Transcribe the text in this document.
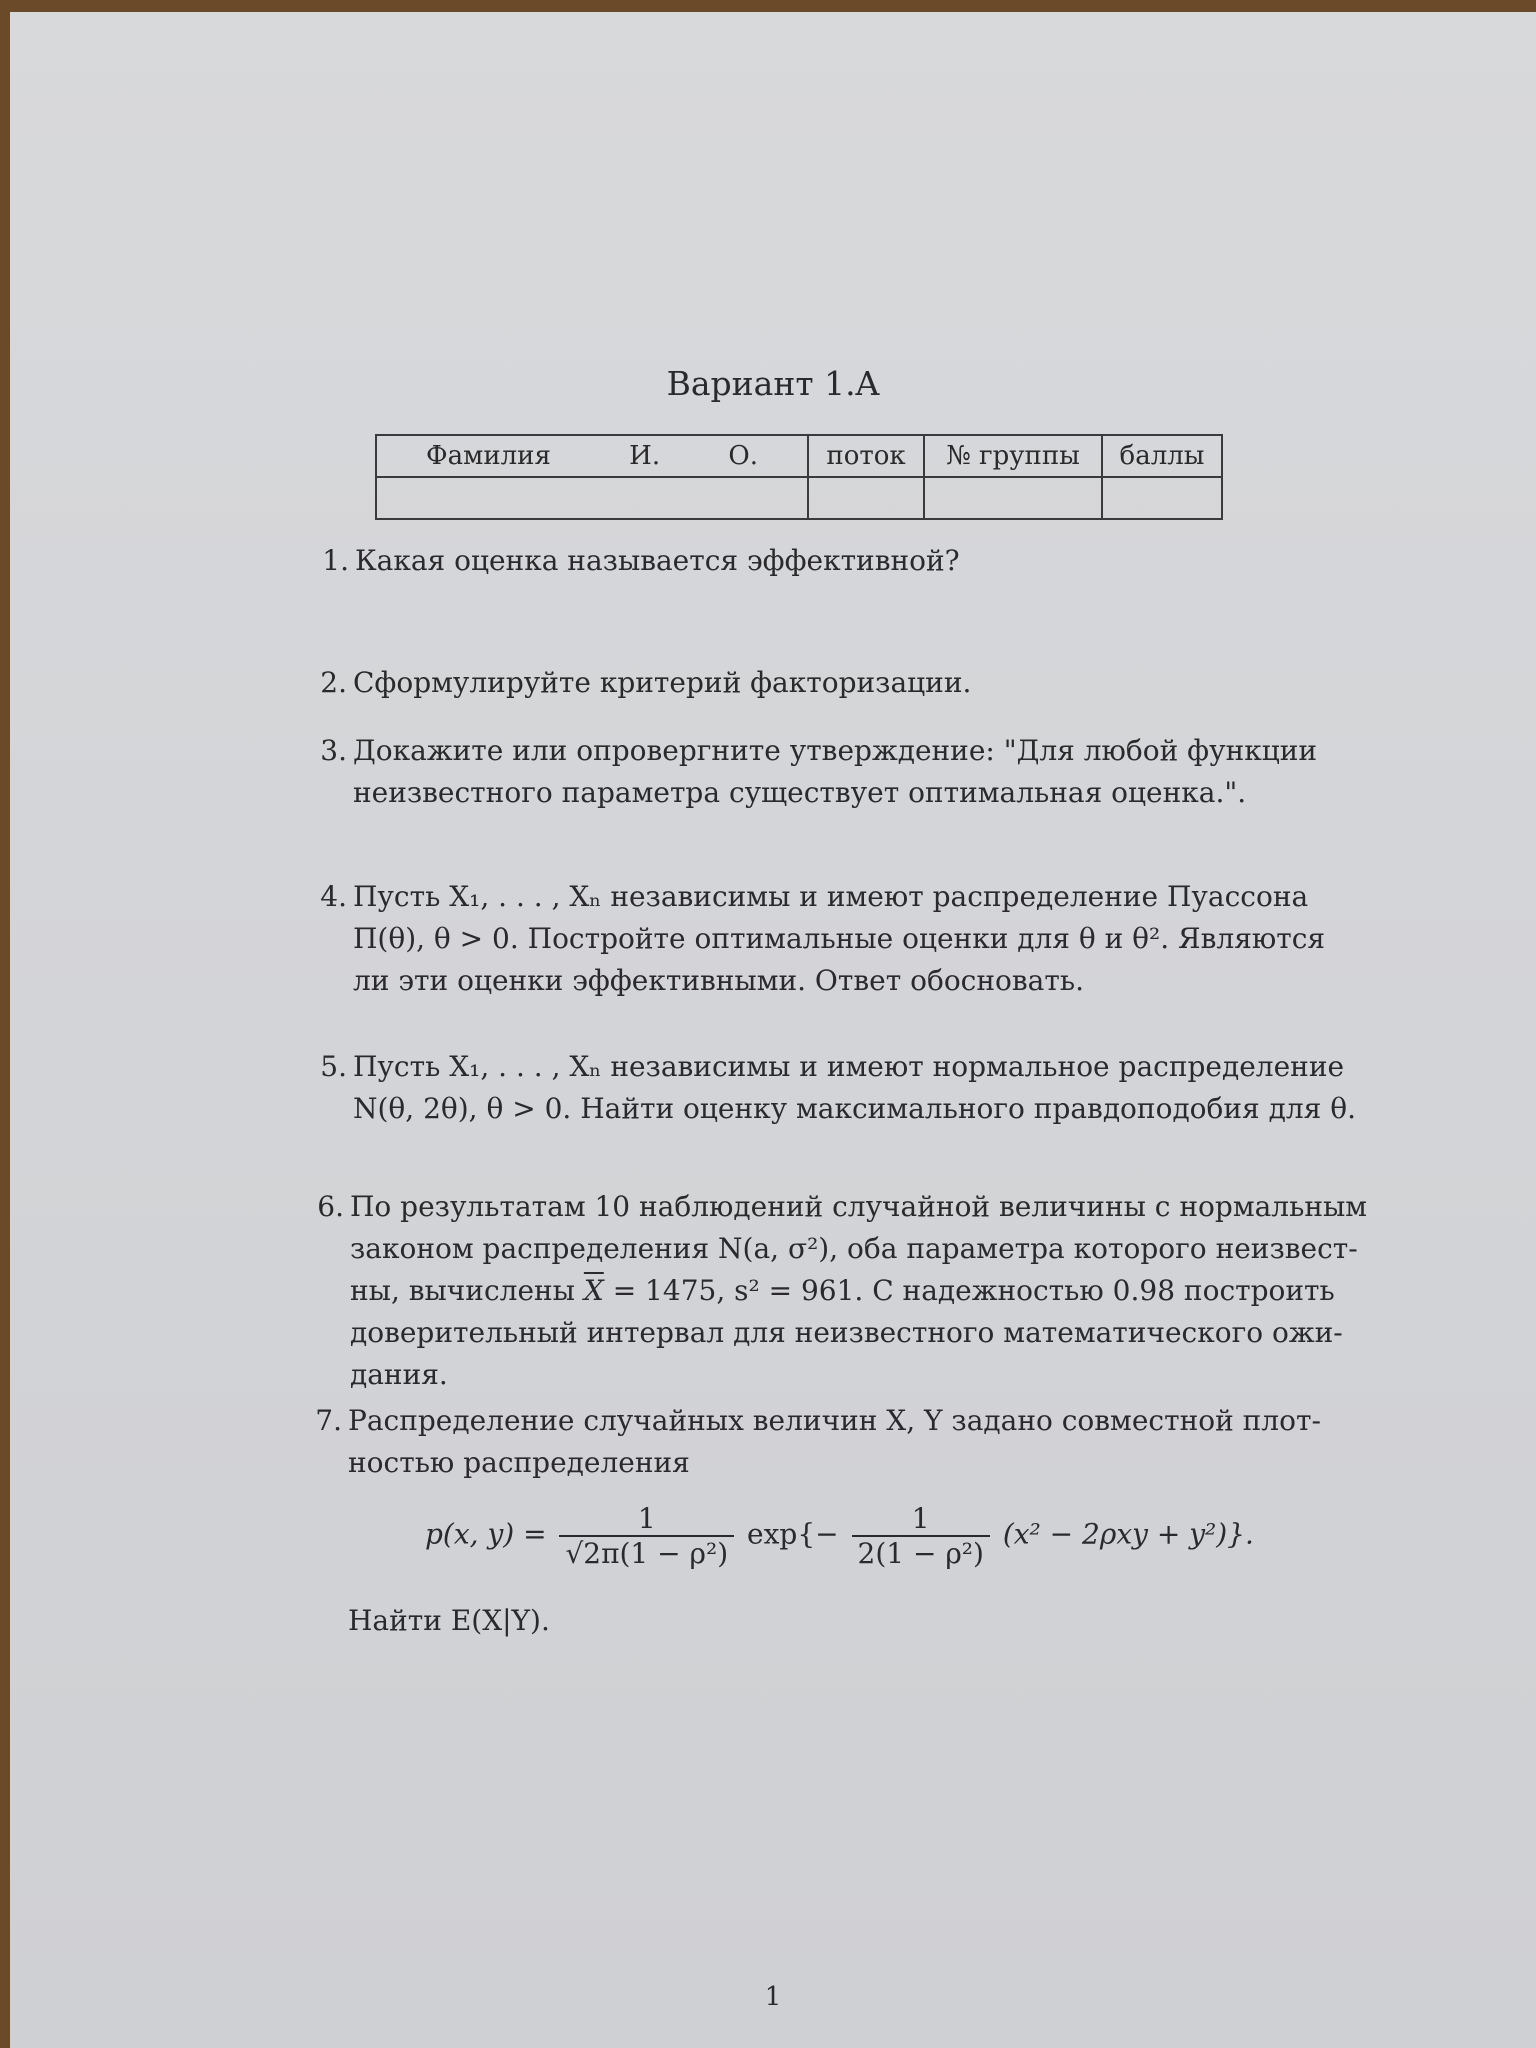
Вариант 1.A
Фамилия И. О.	поток	№ группы	баллы

1. Какая оценка называется эффективной?
2. Сформулируйте критерий факторизации.
3. Докажите или опровергните утверждение: "Для любой функции
неизвестного параметра существует оптимальная оценка.".
4. Пусть X₁, . . . , Xₙ независимы и имеют распределение Пуассона
Π(θ), θ > 0. Постройте оптимальные оценки для θ и θ². Являются
ли эти оценки эффективными. Ответ обосновать.
5. Пусть X₁, . . . , Xₙ независимы и имеют нормальное распределение
N(θ, 2θ), θ > 0. Найти оценку максимального правдоподобия для θ.
6. По результатам 10 наблюдений случайной величины с нормальным
законом распределения N(a, σ²), оба параметра которого неизвест-
ны, вычислены $\overline{X} = 1475$, s² = 961. С надежностью 0.98 построить
доверительный интервал для неизвестного математического ожи-
дания.
7. Распределение случайных величин X, Y задано совместной плот-
ностью распределения
p(x, $y) = \frac{1}{\text{√2π(1 − ρ²)}} \exp\{- \frac{1}{\text{2(1 − ρ²)}} (x^2 - 2\rho xy + y^2)\}$.
Найти E(X|Y).
1
